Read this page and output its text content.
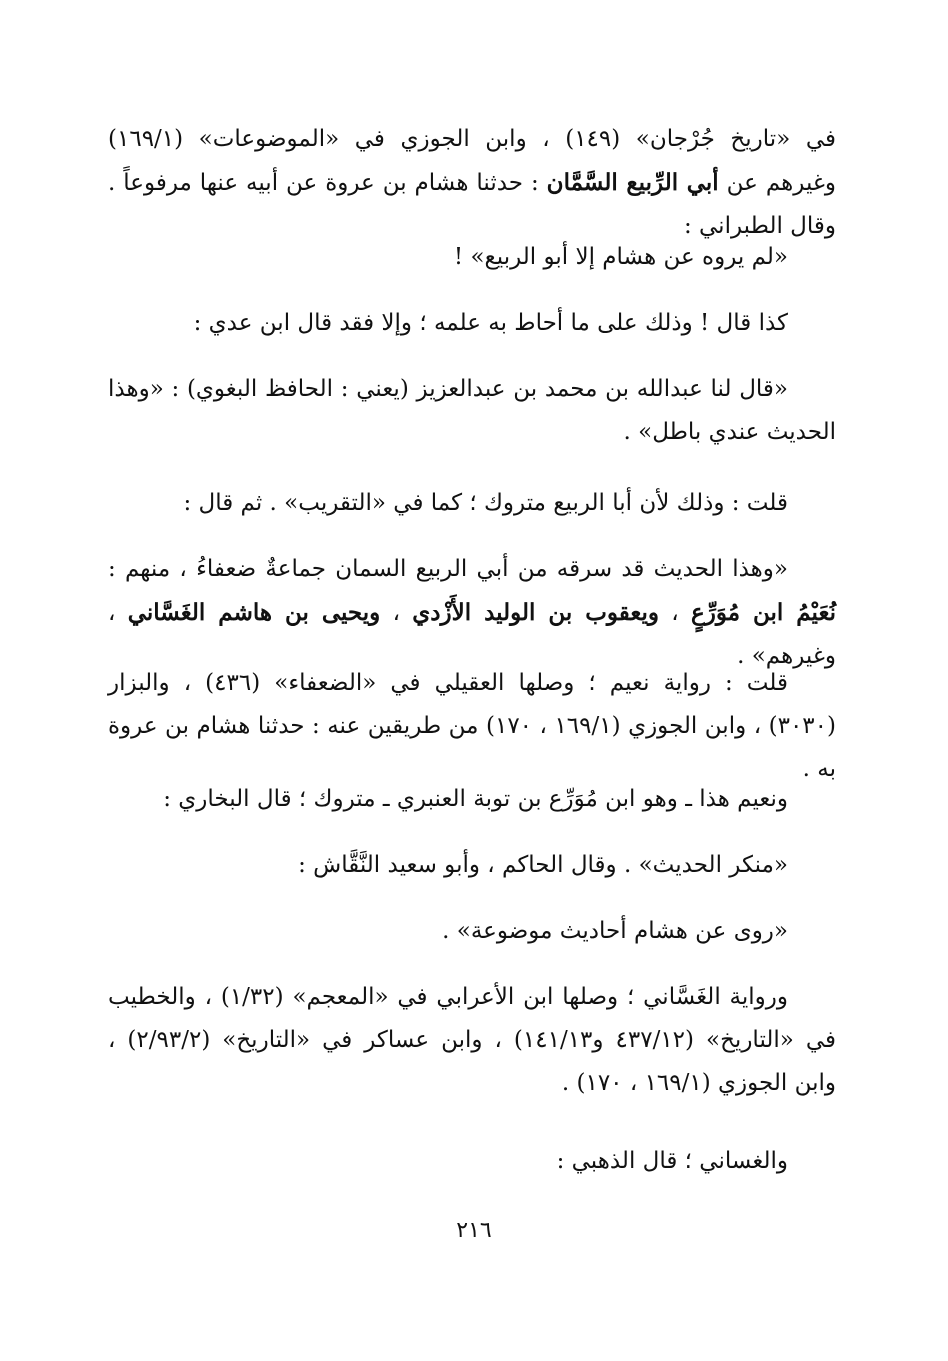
في «تاريخ جُرْجان» (١٤٩) ، وابن الجوزي في «الموضوعات» (١٦٩/١) وغيرهم عن أبي الرِّبيع السَّمَّان : حدثنا هشام بن عروة عن أبيه عنها مرفوعاً . وقال الطبراني :

«لم يروه عن هشام إلا أبو الربيع» !

كذا قال ! وذلك على ما أحاط به علمه ؛ وإلا فقد قال ابن عدي :

«قال لنا عبدالله بن محمد بن عبدالعزيز (يعني : الحافظ البغوي) : «وهذا الحديث عندي باطل» .

قلت : وذلك لأن أبا الربيع متروك ؛ كما في «التقريب» . ثم قال :

«وهذا الحديث قد سرقه من أبي الربيع السمان جماعةٌ ضعفاءُ ، منهم : نُعَيْمُ ابن مُوَرِّعٍ ، ويعقوب بن الوليد الأَزْدي ، ويحيى بن هاشم الغَسَّاني ، وغيرهم» .

قلت : رواية نعيم ؛ وصلها العقيلي في «الضعفاء» (٤٣٦) ، والبزار (٣٠٣٠) ، وابن الجوزي (١٦٩/١ ، ١٧٠) من طريقين عنه : حدثنا هشام بن عروة به .

ونعيم هذا ـ وهو ابن مُوَرِّع بن توبة العنبري ـ متروك ؛ قال البخاري :

«منكر الحديث» . وقال الحاكم ، وأبو سعيد النَّقَّاش :

«روى عن هشام أحاديث موضوعة» .

ورواية الغَسَّاني ؛ وصلها ابن الأعرابي في «المعجم» (١/٣٢) ، والخطيب في «التاريخ» (٤٣٧/١٢ و١٤١/١٣) ، وابن عساكر في «التاريخ» (٢/٩٣/٢) ، وابن الجوزي (١٦٩/١ ، ١٧٠) .

والغساني ؛ قال الذهبي :

٢١٦
